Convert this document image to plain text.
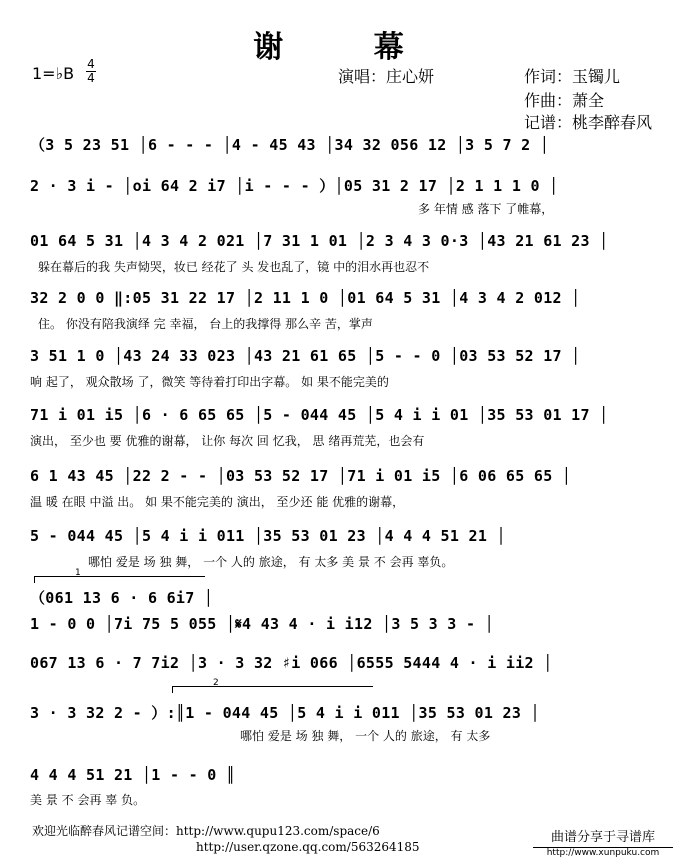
谢 幕
1=♭B 4
4	演唱：庄心妍	作词：玉镯儿
作曲：萧全
记谱：桃李醉春风
（3 5 23 51 │6 - - - │4 - 45 43 │34 32 056 12 │3 5 7 2 │
2 · 3 i - │oi 64 2 i7 │i - - - ）│05 31 2 17 │2 1 1 1 0 │
多 年情 感 落下 了帷幕，
01 64 5 31 │4 3 4 2 021 │7 31 1 01 │2 3 4 3 0·3 │43 21 61 23 │
躲在幕后的我 失声恸哭，妆已 经花了 头 发也乱了，镜 中的泪水再也忍不
32 2 0 0 ‖:05 31 22 17 │2 11 1 0 │01 64 5 31 │4 3 4 2 012 │
住。 你没有陪我演绎 完 幸福， 台上的我撑得 那么辛 苦，掌声
3 51 1 0 │43 24 33 023 │43 21 61 65 │5 - - 0 │03 53 52 17 │
响 起了， 观众散场 了，微笑 等待着打印出字幕。 如 果不能完美的
71 i 01 i5 │6 · 6 65 65 │5 - 044 45 │5 4 i i 01 │35 53 01 17 │
演出， 至少也 要 优雅的谢幕， 让你 每次 回 忆我， 思 绪再荒芜，也会有
6 1 43 45 │22 2 - - │03 53 52 17 │71 i 01 i5 │6 06 65 65 │
温 暖 在眼 中溢 出。 如 果不能完美的 演出， 至少还 能 优雅的谢幕，
5 - 044 45 │5 4 i i 011 │35 53 01 23 │4 4 4 51 21 │
哪怕 爱是 场 独 舞， 一个 人的 旅途， 有 太多 美 景 不 会再 辜负。
1
（061 13 6 · 6 6i7 │
1 - 0 0 │7i 75 5 055 │𝄋4 43 4 · i i12 │3 5 3 3 - │
067 13 6 · 7 7i2 │3 · 3 32 ♯i 066 │6555 5444 4 · i ii2 │
2
3 · 3 32 2 - ）:║1 - 044 45 │5 4 i i 011 │35 53 01 23 │
哪怕 爱是 场 独 舞， 一个 人的 旅途， 有 太多
4 4 4 51 21 │1 - - 0 ║
美 景 不 会再 辜 负。
欢迎光临醉春风记谱空间：http://www.qupu123.com/space/6
http://user.qzone.qq.com/563264185
曲谱分享于寻谱库
http://www.xunpuku.com
